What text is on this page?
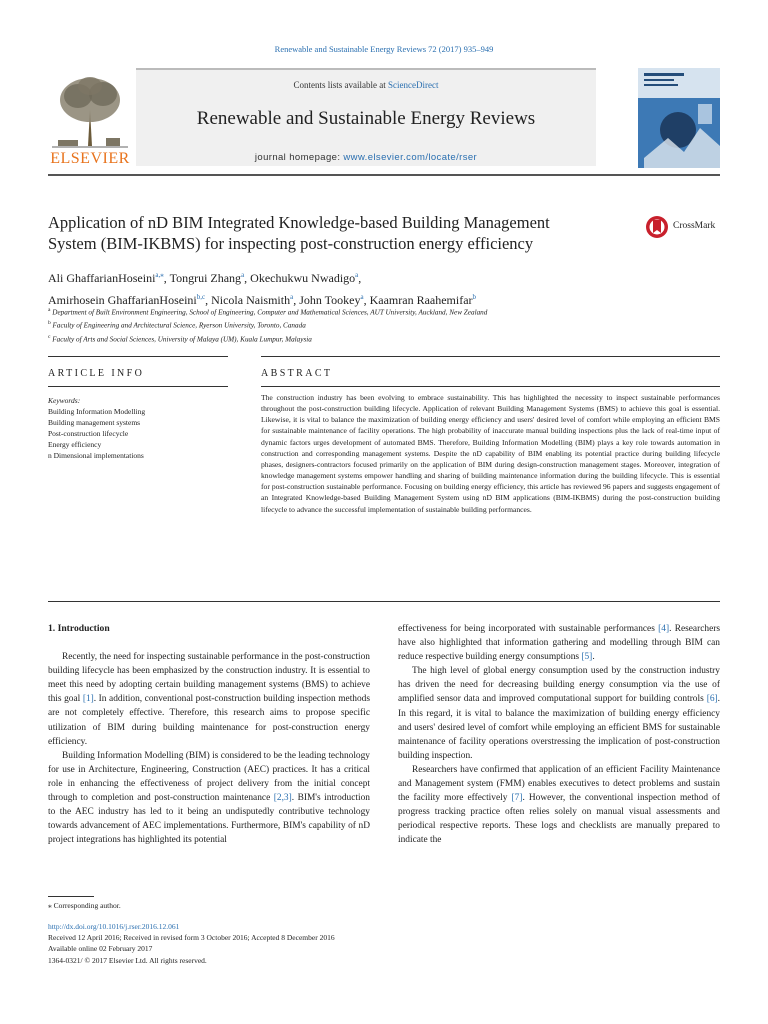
Renewable and Sustainable Energy Reviews 72 (2017) 935–949
ELSEVIER
Contents lists available at ScienceDirect
Renewable and Sustainable Energy Reviews
journal homepage: www.elsevier.com/locate/rser
Application of nD BIM Integrated Knowledge-based Building Management
System (BIM-IKBMS) for inspecting post-construction energy efficiency
CrossMark
Ali GhaffarianHoseini$^{a,⁎}$, Tongrui Zhang$^a$, Okechukwu Nwadigo$^a$,
Amirhosein GhaffarianHoseini$^{b,c}$, Nicola Naismith$^a$, John Tookey$^a$, Kaamran Raahemifar$^b$
$^a$ Department of Built Environment Engineering, School of Engineering, Computer and Mathematical Sciences, AUT University, Auckland, New Zealand
$^b$ Faculty of Engineering and Architectural Science, Ryerson University, Toronto, Canada
$^c$ Faculty of Arts and Social Sciences, University of Malaya (UM), Kuala Lumpur, Malaysia
ARTICLE INFO	ABSTRACT
Keywords:
Building Information Modelling
Building management systems
Post-construction lifecycle
Energy efficiency
n Dimensional implementations
The construction industry has been evolving to embrace sustainability. This has highlighted the necessity to inspect sustainable performances throughout the post-construction building lifecycle. Application of relevant Building Management Systems (BMS) to achieve this goal is essential. Likewise, it is vital to balance the maximization of building energy efficiency and users' desired level of comfort while employing an efficient BMS for sustainable maintenance of facility operations. The high probability of inaccurate manual building inspections plus the lack of real-time input of dynamic factors urges development of automated BMS. Therefore, Building Information Modelling (BIM) plays a key role towards automation in construction and corresponding management systems. Despite the nD capability of BIM enabling its potential practice during building lifecycle phases, designers-contractors focused primarily on the application of BIM during design-construction management stages. Moreover, integration of knowledge management systems empower handling and sharing of building maintenance information during the building lifecycle. This is essential for post-construction sustainable performance. Focusing on building energy efficiency, this article has reviewed 96 papers and suggests engagement of an Integrated Knowledge-based Building Management System using nD BIM applications (BIM-IKBMS) during the post-construction building lifecycle to advance the successful implementation of sustainable building performances.
1. Introduction

Recently, the need for inspecting sustainable performance in the post-construction building lifecycle has been emphasized by the construction industry. It is essential to meet this need by adopting certain building management systems (BMS) to achieve this goal [1]. In addition, conventional post-construction building inspection methods are not completely effective. Therefore, this research aims to propose specific utilization of BIM during building maintenance for post-construction energy efficiency.

Building Information Modelling (BIM) is considered to be the leading technology for use in Architecture, Engineering, Construction (AEC) practices. It has a critical role in enhancing the effectiveness of project delivery from the initial concept through to completion and post-construction maintenance [2,3]. BIM's introduction to the AEC industry has led to it being an undisputedly contributive technology towards advancement of AEC implementations. Furthermore, BIM's capability of nD project integrations has highlighted its potential

effectiveness for being incorporated with sustainable performances [4]. Researchers have also highlighted that information gathering and modelling through BIM can reduce respective building energy consumptions [5].

The high level of global energy consumption used by the construction industry has driven the need for decreasing building energy consumption via the use of amplified sensor data and improved computational support for building controls [6]. In this regard, it is vital to balance the maximization of building energy efficiency and users' desired level of comfort while employing an efficient BMS for sustainable maintenance of facility operations overstressing the implication of post-construction building inspection.

Researchers have confirmed that application of an efficient Facility Maintenance and Management system (FMM) enables executives to detect problems and sustain the facility more effectively [7]. However, the conventional inspection method of progress tracking practice often relies solely on manual visual assessments and periodical respective reports. These logs and checklists are manually prepared to indicate the

⁎ Corresponding author.
http://dx.doi.org/10.1016/j.rser.2016.12.061
Received 12 April 2016; Received in revised form 3 October 2016; Accepted 8 December 2016
Available online 02 February 2017
1364-0321/ © 2017 Elsevier Ltd. All rights reserved.
